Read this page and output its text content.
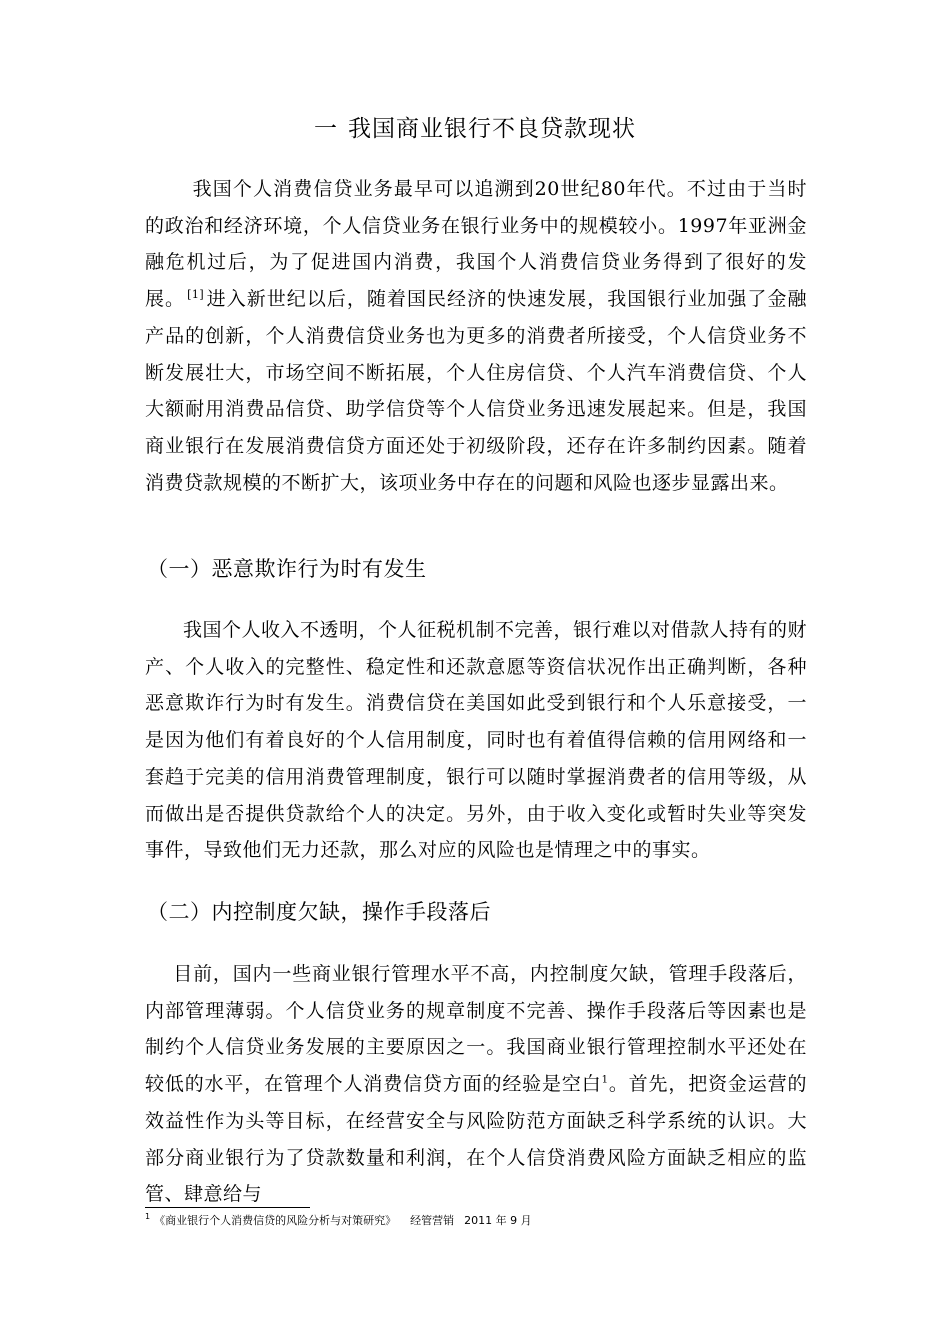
一 我国商业银行不良贷款现状

我国个人消费信贷业务最早可以追溯到20世纪80年代。不过由于当时的政治和经济环境，个人信贷业务在银行业务中的规模较小。1997年亚洲金融危机过后，为了促进国内消费，我国个人消费信贷业务得到了很好的发展。 [1] 进入新世纪以后，随着国民经济的快速发展，我国银行业加强了金融产品的创新，个人消费信贷业务也为更多的消费者所接受，个人信贷业务不断发展壮大，市场空间不断拓展，个人住房信贷、个人汽车消费信贷、个人大额耐用消费品信贷、助学信贷等个人信贷业务迅速发展起来。但是，我国商业银行在发展消费信贷方面还处于初级阶段，还存在许多制约因素。随着消费贷款规模的不断扩大，该项业务中存在的问题和风险也逐步显露出来。

（一）恶意欺诈行为时有发生

我国个人收入不透明，个人征税机制不完善，银行难以对借款人持有的财产、个人收入的完整性、稳定性和还款意愿等资信状况作出正确判断，各种恶意欺诈行为时有发生。消费信贷在美国如此受到银行和个人乐意接受，一是因为他们有着良好的个人信用制度，同时也有着值得信赖的信用网络和一套趋于完美的信用消费管理制度，银行可以随时掌握消费者的信用等级，从而做出是否提供贷款给个人的决定。另外，由于收入变化或暂时失业等突发事件，导致他们无力还款，那么对应的风险也是情理之中的事实。

（二）内控制度欠缺，操作手段落后

目前，国内一些商业银行管理水平不高，内控制度欠缺，管理手段落后，内部管理薄弱。个人信贷业务的规章制度不完善、操作手段落后等因素也是制约个人信贷业务发展的主要原因之一。我国商业银行管理控制水平还处在较低的水平，在管理个人消费信贷方面的经验是空白$^1$。首先，把资金运营的效益性作为头等目标，在经营安全与风险防范方面缺乏科学系统的认识。大部分商业银行为了贷款数量和利润，在个人信贷消费风险方面缺乏相应的监管、肆意给与

$^1$ 《商业银行个人消费信贷的风险分析与对策研究》 经管营销 2011 年 9 月
